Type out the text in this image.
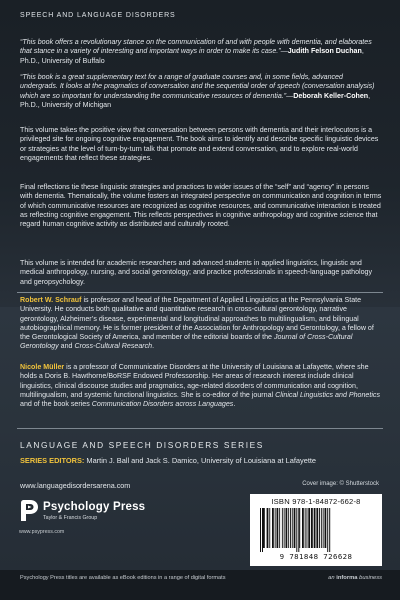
SPEECH AND LANGUAGE DISORDERS

“This book offers a revolutionary stance on the communication of and with people with dementia, and elaborates that stance in a variety of interesting and important ways in order to make its case.”—Judith Felson Duchan, Ph.D., University of Buffalo

“This book is a great supplementary text for a range of graduate courses and, in some fields, advanced undergrads. It looks at the pragmatics of conversation and the sequential order of speech (conversation analysis) which are so important for understanding the communicative resources of dementia.”—Deborah Keller-Cohen, Ph.D., University of Michigan

This volume takes the positive view that conversation between persons with dementia and their interlocutors is a privileged site for ongoing cognitive engagement. The book aims to identify and describe specific linguistic devices or strategies at the level of turn-by-turn talk that promote and extend conversation, and to explore real-world engagements that reflect these strategies.

Final reflections tie these linguistic strategies and practices to wider issues of the “self” and “agency” in persons with dementia. Thematically, the volume fosters an integrated perspective on communication and cognition in terms of which communicative resources are recognized as cognitive resources, and communicative interaction is treated as reflecting cognitive engagement. This reflects perspectives in cognitive anthropology and cognitive science that regard human cognitive activity as distributed and culturally rooted.

This volume is intended for academic researchers and advanced students in applied linguistics, linguistic and medical anthropology, nursing, and social gerontology; and practice professionals in speech-language pathology and geropsychology.

Robert W. Schrauf is professor and head of the Department of Applied Linguistics at the Pennsylvania State University. He conducts both qualitative and quantitative research in cross-cultural gerontology, narrative gerontology, Alzheimer’s disease, experimental and longitudinal approaches to multilingualism, and bilingual autobiographical memory. He is former president of the Association for Anthropology and Gerontology, a fellow of the Gerontological Society of America, and member of the editorial boards of the Journal of Cross-Cultural Gerontology and Cross-Cultural Research.

Nicole Müller is a professor of Communicative Disorders at the University of Louisiana at Lafayette, where she holds a Doris B. Hawthorne/BoRSF Endowed Professorship. Her areas of research interest include clinical linguistics, clinical discourse studies and pragmatics, age-related disorders of communication and cognition, multilingualism, and systemic functional linguistics. She is co-editor of the journal Clinical Linguistics and Phonetics and of the book series Communication Disorders across Languages.

LANGUAGE AND SPEECH DISORDERS SERIES
SERIES EDITORS: Martin J. Ball and Jack S. Damico, University of Louisiana at Lafayette
www.languagedisordersarena.com	Cover image: © Shutterstock
Psychology Press
Taylor & Francis Group
www.psypress.com
ISBN 978-1-84872-662-8
9 781848 726628
Psychology Press titles are available as eBook editions in a range of digital formats	an informa business
